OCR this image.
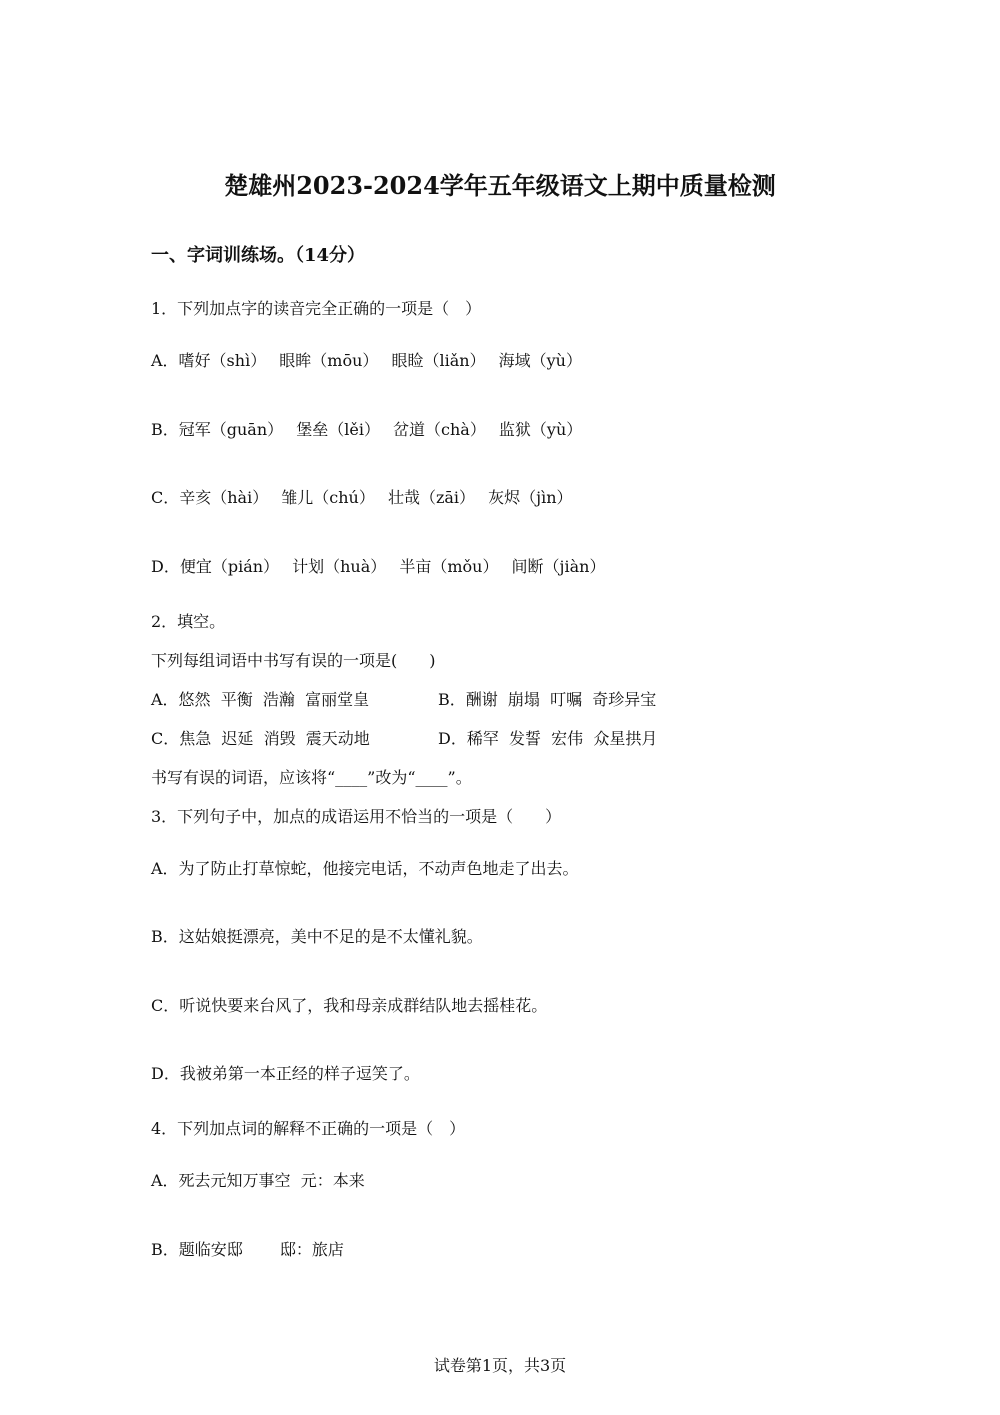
楚雄州2023-2024学年五年级语文上期中质量检测
一、字词训练场。（14分）
1．下列加点字的读音完全正确的一项是（　）
A．嗜好（shì）　 眼眸（mōu）　 眼睑（liǎn）　 海域（yù）
B．冠军（guān）　 堡垒（lěi）　 岔道（chà）　 监狱（yù）
C．辛亥（hài）　 雏儿（chú）　 壮哉（zāi）　 灰烬（jìn）
D．便宜（pián）　 计划（huà）　 半亩（mǒu）　 间断（jiàn）
2．填空。
下列每组词语中书写有误的一项是(　　)
A．悠然  平衡  浩瀚  富丽堂皇	B．酬谢  崩塌  叮嘱  奇珍异宝
C．焦急  迟延  消毁  震天动地	D．稀罕  发誓  宏伟  众星拱月
书写有误的词语，应该将“____”改为“____”。
3．下列句子中，加点的成语运用不恰当的一项是（　　）
A．为了防止打草惊蛇，他接完电话，不动声色地走了出去。
B．这姑娘挺漂亮，美中不足的是不太懂礼貌。
C．听说快要来台风了，我和母亲成群结队地去摇桂花。
D．我被弟第一本正经的样子逗笑了。
4．下列加点词的解释不正确的一项是（　）
A．死去元知万事空  元：本来
B．题临安邸　　 邸：旅店
试卷第1页，共3页
